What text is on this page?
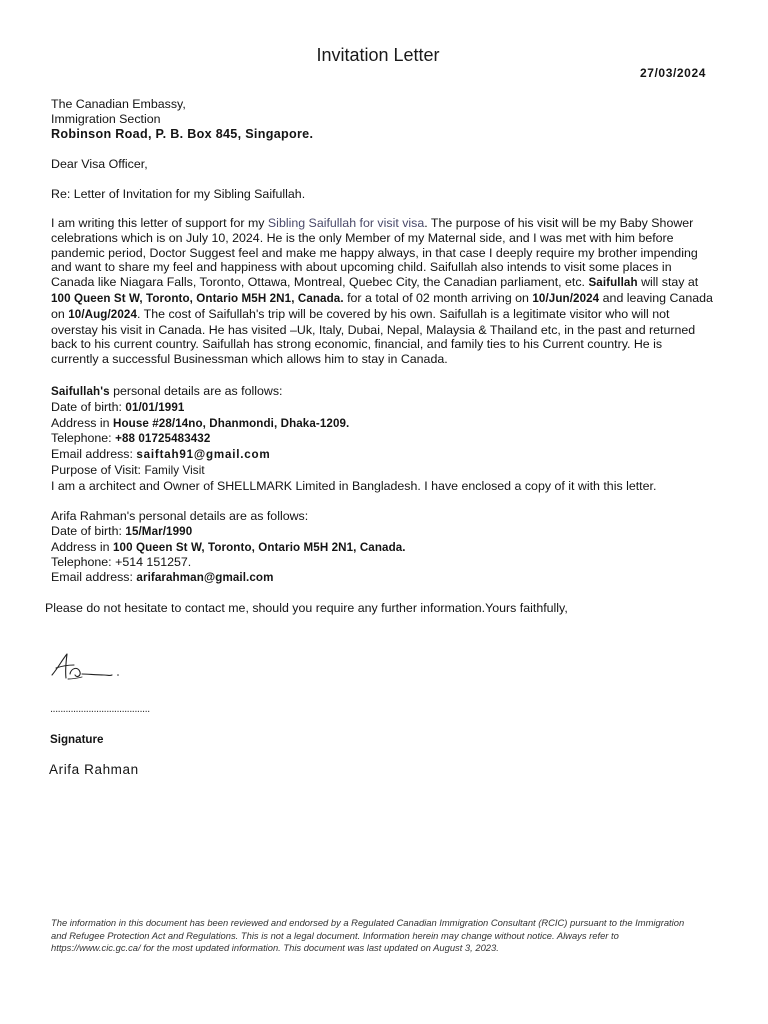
Invitation Letter
27/03/2024
The Canadian Embassy,
Immigration Section
Robinson Road, P. B. Box 845, Singapore.
Dear Visa Officer,
Re: Letter of Invitation for my Sibling Saifullah.
I am writing this letter of support for my Sibling Saifullah for visit visa. The purpose of his visit will be my Baby Shower celebrations which is on July 10, 2024. He is the only Member of my Maternal side, and I was met with him before pandemic period, Doctor Suggest feel and make me happy always, in that case I deeply require my brother impending and want to share my feel and happiness with about upcoming child. Saifullah also intends to visit some places in Canada like Niagara Falls, Toronto, Ottawa, Montreal, Quebec City, the Canadian parliament, etc. Saifullah will stay at 100 Queen St W, Toronto, Ontario M5H 2N1, Canada. for a total of 02 month arriving on 10/Jun/2024 and leaving Canada on 10/Aug/2024. The cost of Saifullah's trip will be covered by his own. Saifullah is a legitimate visitor who will not overstay his visit in Canada. He has visited –Uk, Italy, Dubai, Nepal, Malaysia & Thailand etc, in the past and returned back to his current country. Saifullah has strong economic, financial, and family ties to his Current country. He is currently a successful Businessman which allows him to stay in Canada.
Saifullah's personal details are as follows:
Date of birth: 01/01/1991
Address in House #28/14no, Dhanmondi, Dhaka-1209.
Telephone: +88 01725483432
Email address: saiftah91@gmail.com
Purpose of Visit: Family Visit
I am a architect and Owner of SHELLMARK Limited in Bangladesh. I have enclosed a copy of it with this letter.
Arifa Rahman's personal details are as follows:
Date of birth: 15/Mar/1990
Address in 100 Queen St W, Toronto, Ontario M5H 2N1, Canada.
Telephone: +514 151257.
Email address: arifarahman@gmail.com
Please do not hesitate to contact me, should you require any further information.Yours faithfully,
.......................................
Signature
Arifa Rahman
The information in this document has been reviewed and endorsed by a Regulated Canadian Immigration Consultant (RCIC) pursuant to the Immigration and Refugee Protection Act and Regulations. This is not a legal document. Information herein may change without notice. Always refer to https://www.cic.gc.ca/ for the most updated information. This document was last updated on August 3, 2023.
